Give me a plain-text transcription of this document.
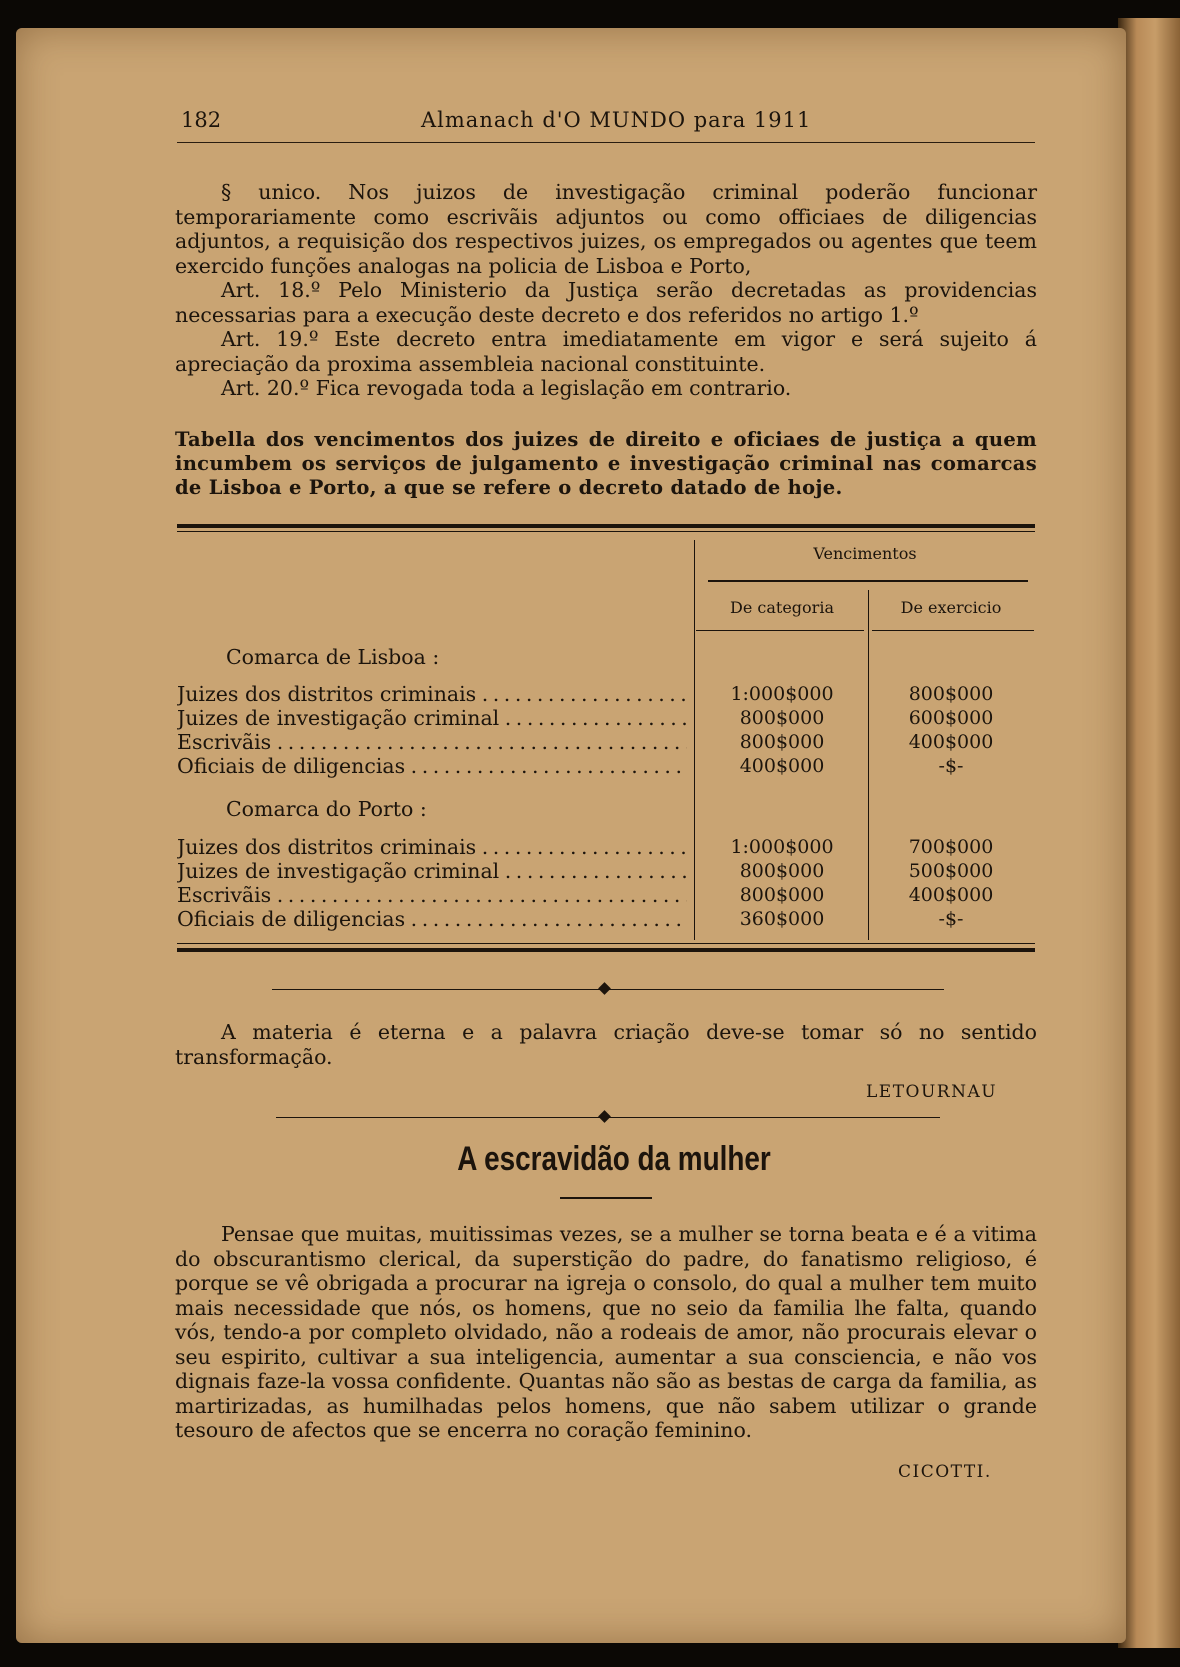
182	Almanach d'O MUNDO para 1911

§ unico. Nos juizos de investigação criminal poderão funcionar temporariamente como escrivãis adjuntos ou como officiaes de diligencias adjuntos, a requisição dos respectivos juizes, os empregados ou agentes que teem exercido funções analogas na policia de Lisboa e Porto,

Art. 18.º Pelo Ministerio da Justiça serão decretadas as providencias necessarias para a execução deste decreto e dos referidos no artigo 1.º

Art. 19.º Este decreto entra imediatamente em vigor e será sujeito á apreciação da proxima assembleia nacional constituinte.

Art. 20.º Fica revogada toda a legislação em contrario.

Tabella dos vencimentos dos juizes de direito e oficiaes de justiça a quem incumbem os serviços de julgamento e investigação criminal nas comarcas de Lisboa e Porto, a que se refere o decreto datado de hoje.

Vencimentos
De categoria	De exercicio
Comarca de Lisboa :
Juizes dos distritos criminais . . .	1:000$000	800$000
Juizes de investigação criminal . . .	800$000	600$000
Escrivãis . . .	800$000	400$000
Oficiais de diligencias . . .	400$000	-$-
Comarca do Porto :
Juizes dos distritos criminais . . .	1:000$000	700$000
Juizes de investigação criminal . . .	800$000	500$000
Escrivãis . . .	800$000	400$000
Oficiais de diligencias . . .	360$000	-$-

A materia é eterna e a palavra criação deve-se tomar só no sentido transformação.

LETOURNAU
A escravidão da mulher

Pensae que muitas, muitissimas vezes, se a mulher se torna beata e é a vitima do obscurantismo clerical, da superstição do padre, do fanatismo religioso, é porque se vê obrigada a procurar na igreja o consolo, do qual a mulher tem muito mais necessidade que nós, os homens, que no seio da familia lhe falta, quando vós, tendo-a por completo olvidado, não a rodeais de amor, não procurais elevar o seu espirito, cultivar a sua inteligencia, aumentar a sua consciencia, e não vos dignais faze-la vossa confidente. Quantas não são as bestas de carga da familia, as martirizadas, as humilhadas pelos homens, que não sabem utilizar o grande tesouro de afectos que se encerra no coração feminino.

CICOTTI.
